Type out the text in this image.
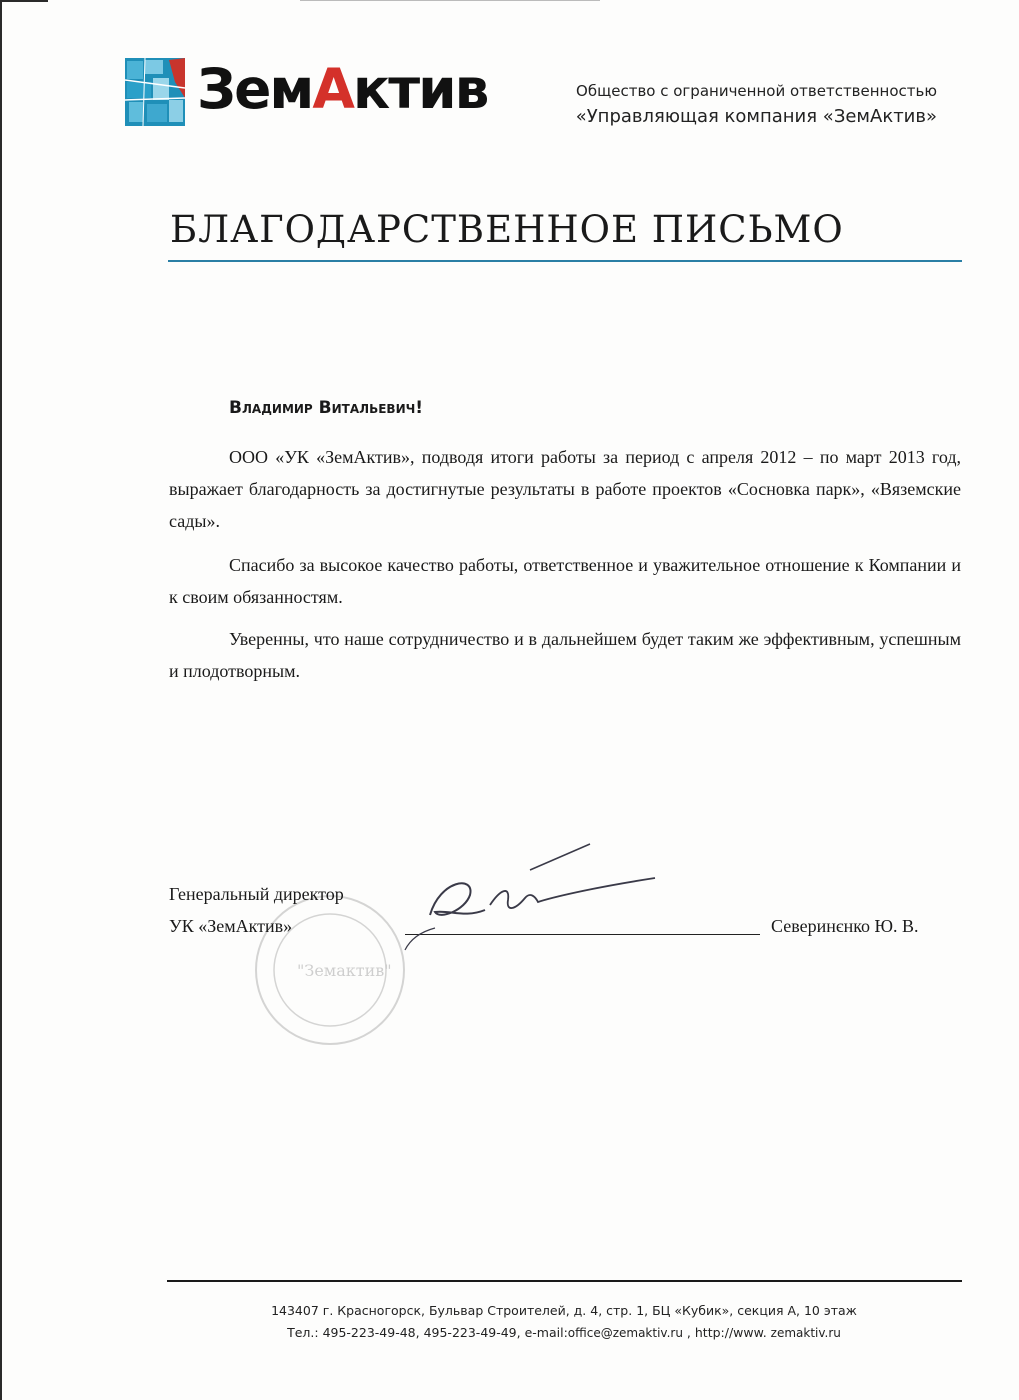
ЗемАктив	Общество с ограниченной ответственностью
«Управляющая компания «ЗемАктив»
БЛАГОДАРСТВЕННОЕ ПИСЬМО
Владимир Витальевич!
ООО «УК «ЗемАктив», подводя итоги работы за период с апреля 2012 – по март 2013 год, выражает благодарность за достигнутые результаты в работе проектов «Сосновка парк», «Вяземские сады».
Спасибо за высокое качество работы, ответственное и уважительное отношение к Компании и к своим обязанностям.
Уверенны, что наше сотрудничество и в дальнейшем будет таким же эффективным, успешным и плодотворным.
"Земактив"
Генеральный директор
УК «ЗемАктив»	Северинєнко Ю. В.
143407 г. Красногорск, Бульвар Строителей, д. 4, стр. 1, БЦ «Кубик», секция А, 10 этаж
Тел.: 495-223-49-48, 495-223-49-49, e-mail:office@zemaktiv.ru , http://www. zemaktiv.ru
